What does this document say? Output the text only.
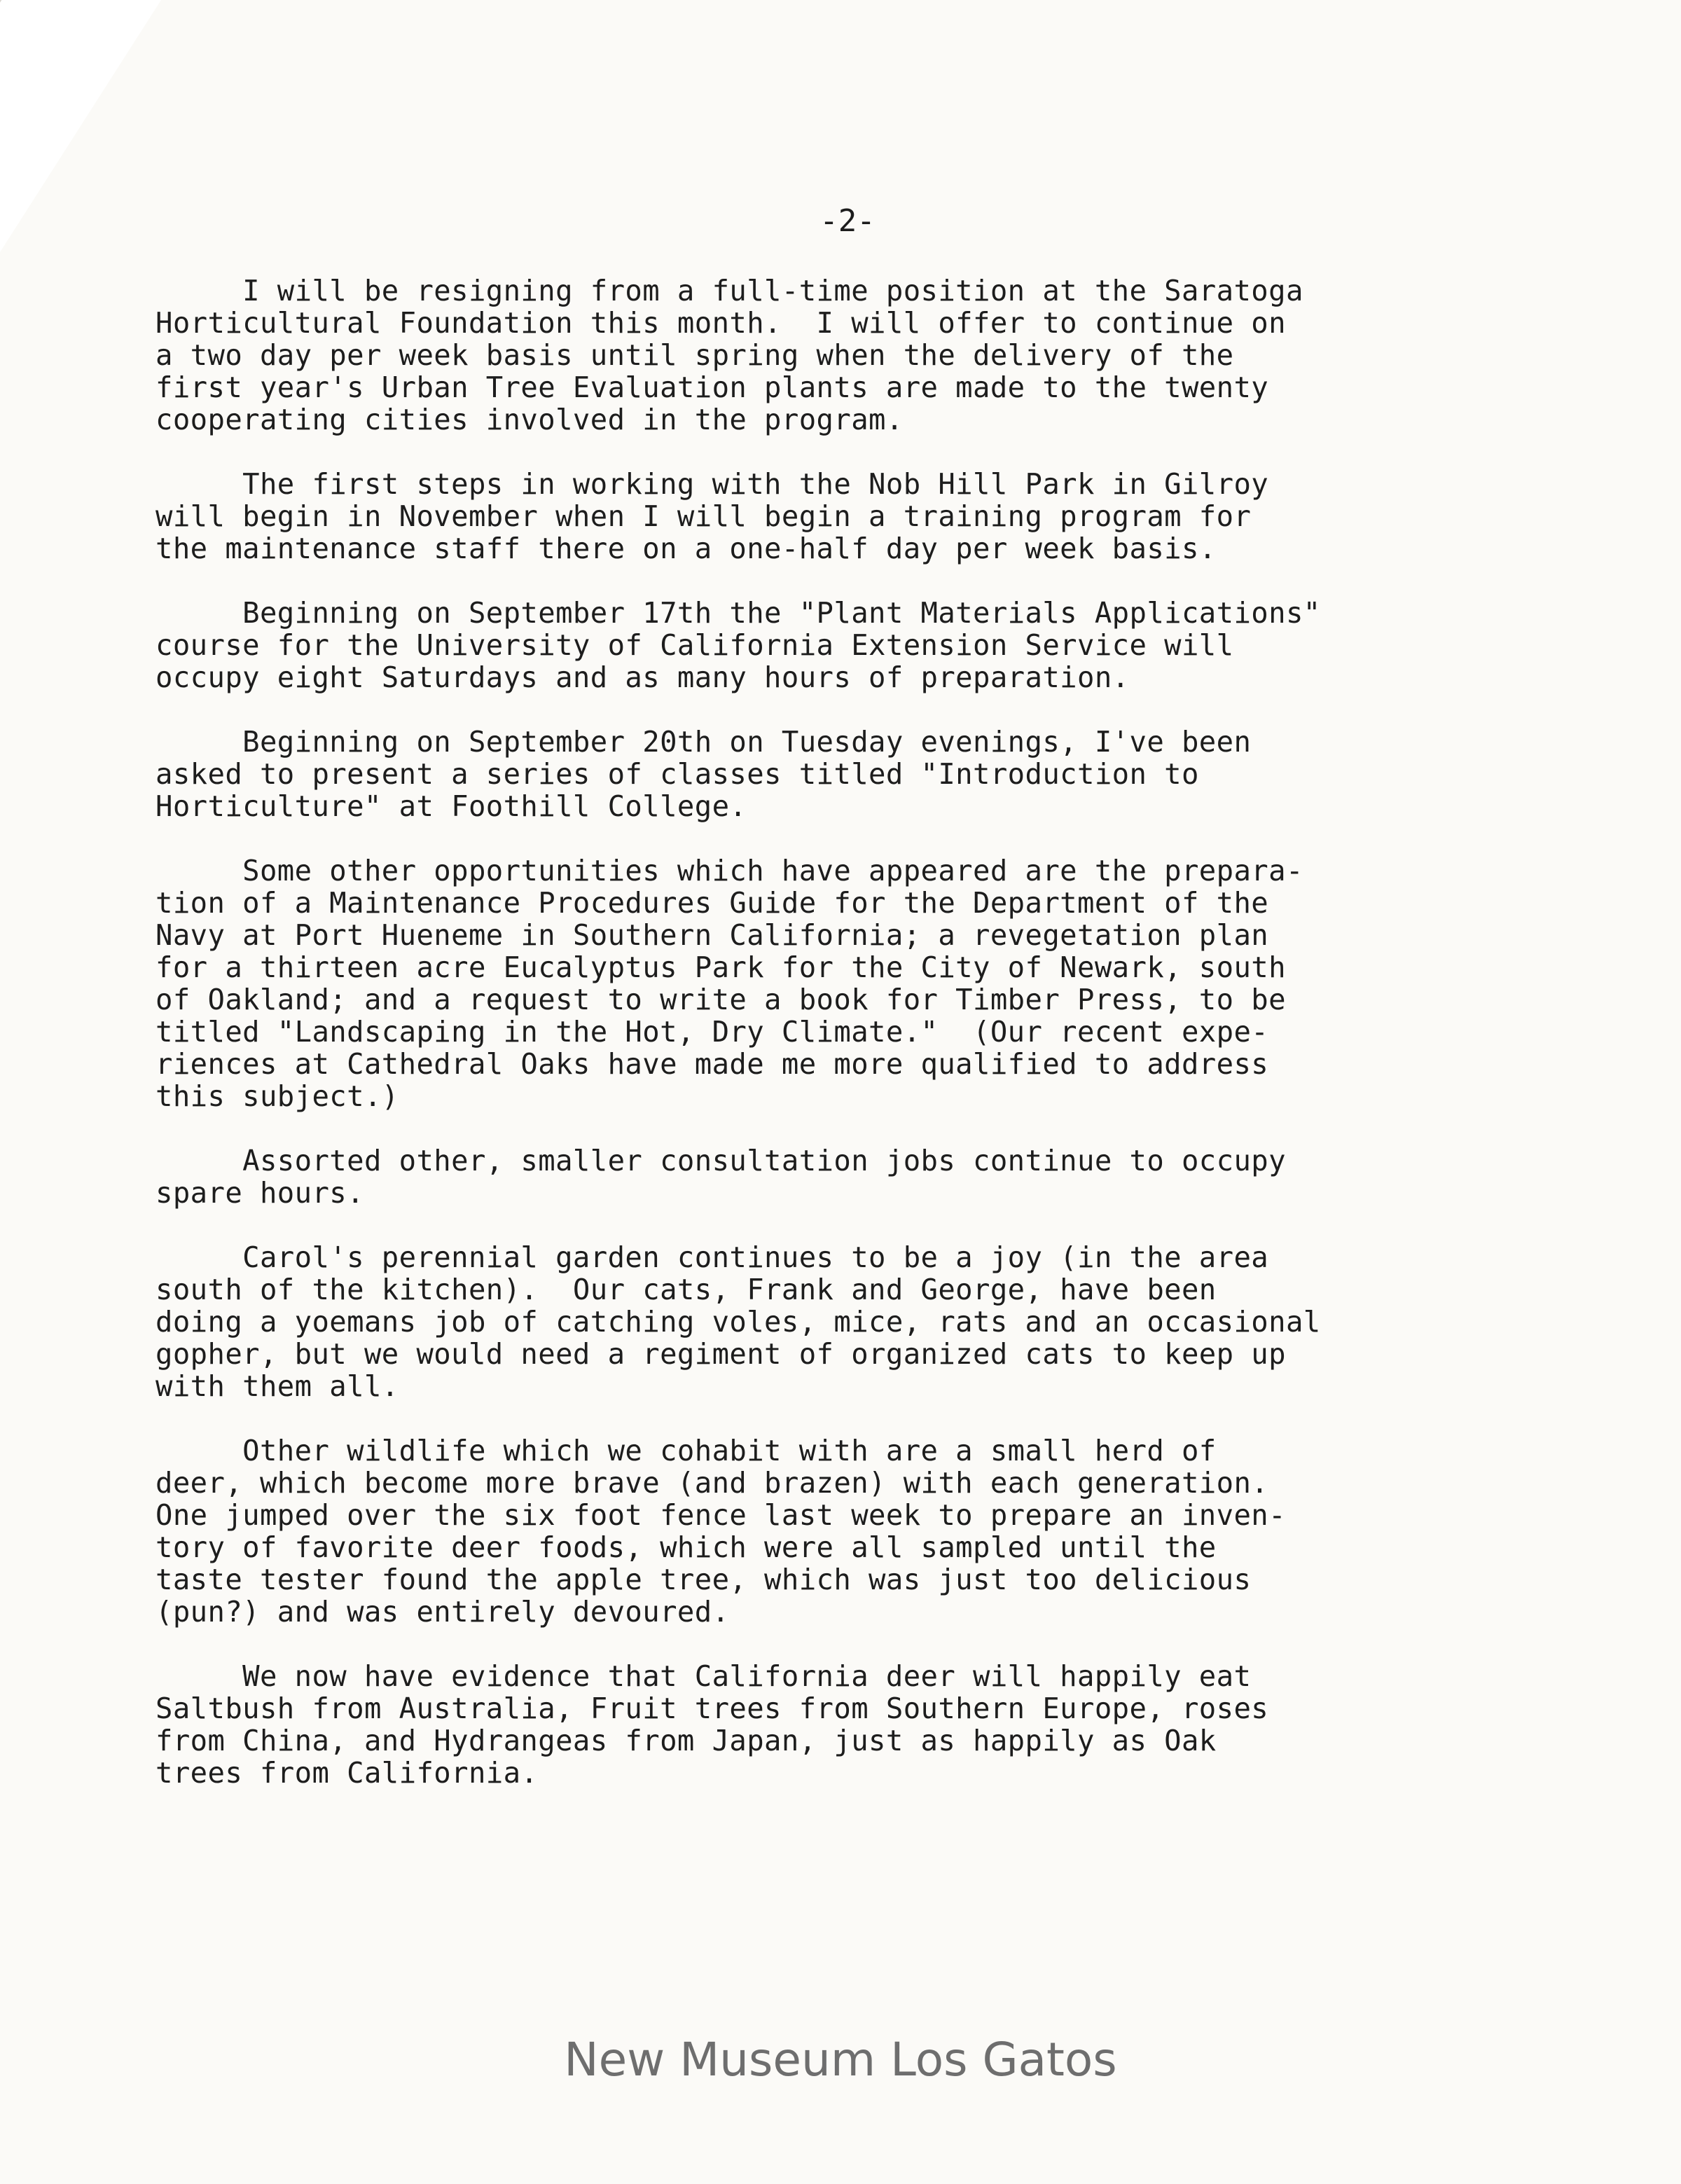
-2-
I will be resigning from a full-time position at the Saratoga
Horticultural Foundation this month.  I will offer to continue on
a two day per week basis until spring when the delivery of the
first year's Urban Tree Evaluation plants are made to the twenty
cooperating cities involved in the program.
The first steps in working with the Nob Hill Park in Gilroy
will begin in November when I will begin a training program for
the maintenance staff there on a one-half day per week basis.
Beginning on September 17th the "Plant Materials Applications"
course for the University of California Extension Service will
occupy eight Saturdays and as many hours of preparation.
Beginning on September 20th on Tuesday evenings, I've been
asked to present a series of classes titled "Introduction to
Horticulture" at Foothill College.
Some other opportunities which have appeared are the prepara-
tion of a Maintenance Procedures Guide for the Department of the
Navy at Port Hueneme in Southern California; a revegetation plan
for a thirteen acre Eucalyptus Park for the City of Newark, south
of Oakland; and a request to write a book for Timber Press, to be
titled "Landscaping in the Hot, Dry Climate."  (Our recent expe-
riences at Cathedral Oaks have made me more qualified to address
this subject.)
Assorted other, smaller consultation jobs continue to occupy
spare hours.
Carol's perennial garden continues to be a joy (in the area
south of the kitchen).  Our cats, Frank and George, have been
doing a yoemans job of catching voles, mice, rats and an occasional
gopher, but we would need a regiment of organized cats to keep up
with them all.
Other wildlife which we cohabit with are a small herd of
deer, which become more brave (and brazen) with each generation.
One jumped over the six foot fence last week to prepare an inven-
tory of favorite deer foods, which were all sampled until the
taste tester found the apple tree, which was just too delicious
(pun?) and was entirely devoured.
We now have evidence that California deer will happily eat
Saltbush from Australia, Fruit trees from Southern Europe, roses
from China, and Hydrangeas from Japan, just as happily as Oak
trees from California.
New Museum Los Gatos
